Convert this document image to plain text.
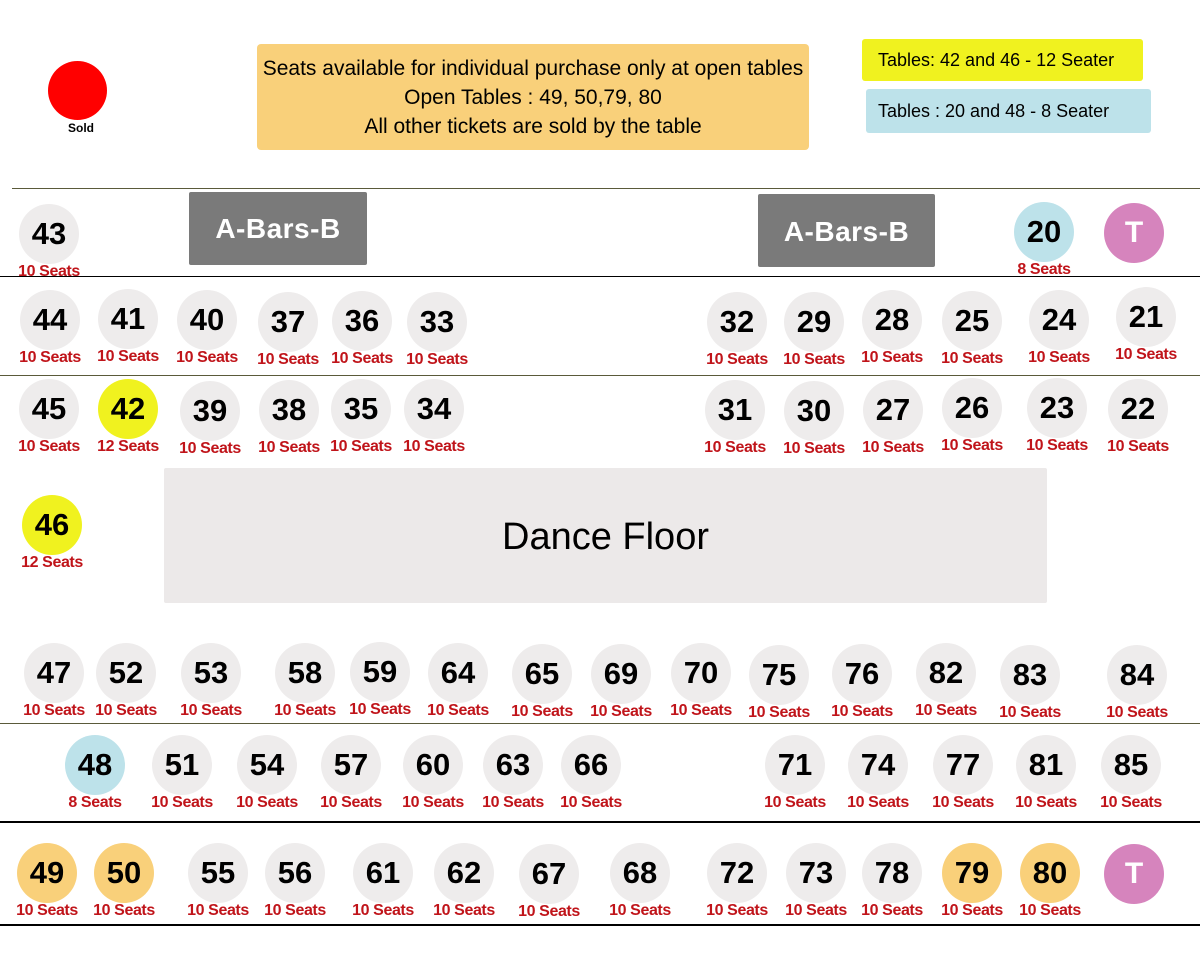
Sold
Seats available for individual purchase only at open tables
Open Tables : 49, 50,79, 80
All other tickets are sold by the table
Tables: 42 and 46 - 12 Seater
Tables : 20 and 48 - 8 Seater
A-Bars-B	A-Bars-B
Dance Floor
T
T
43
10 Seats
20
8 Seats
44
10 Seats
41
10 Seats
40
10 Seats
37
10 Seats
36
10 Seats
33
10 Seats
32
10 Seats
29
10 Seats
28
10 Seats
25
10 Seats
24
10 Seats
21
10 Seats
45
10 Seats
42
12 Seats
39
10 Seats
38
10 Seats
35
10 Seats
34
10 Seats
31
10 Seats
30
10 Seats
27
10 Seats
26
10 Seats
23
10 Seats
22
10 Seats
46
12 Seats
47
10 Seats
52
10 Seats
53
10 Seats
58
10 Seats
59
10 Seats
64
10 Seats
65
10 Seats
69
10 Seats
70
10 Seats
75
10 Seats
76
10 Seats
82
10 Seats
83
10 Seats
84
10 Seats
48
8 Seats
51
10 Seats
54
10 Seats
57
10 Seats
60
10 Seats
63
10 Seats
66
10 Seats
71
10 Seats
74
10 Seats
77
10 Seats
81
10 Seats
85
10 Seats
49
10 Seats
50
10 Seats
55
10 Seats
56
10 Seats
61
10 Seats
62
10 Seats
67
10 Seats
68
10 Seats
72
10 Seats
73
10 Seats
78
10 Seats
79
10 Seats
80
10 Seats
